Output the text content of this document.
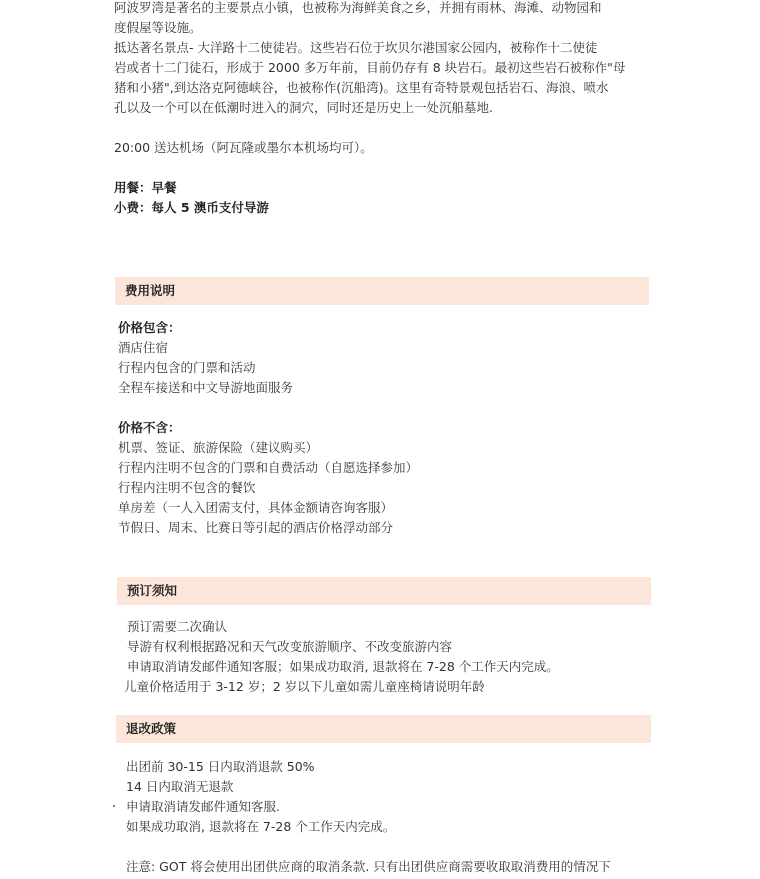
阿波罗湾是著名的主要景点小镇，也被称为海鲜美食之乡，并拥有雨林、海滩、动物园和
度假屋等设施。
抵达著名景点- 大洋路十二使徒岩。这些岩石位于坎贝尔港国家公园内，被称作十二使徒
岩或者十二门徒石，形成于 2000 多万年前，目前仍存有 8 块岩石。最初这些岩石被称作"母
猪和小猪",到达洛克阿德峡谷，也被称作(沉船湾)。这里有奇特景观包括岩石、海浪、喷水
孔以及一个可以在低潮时进入的洞穴，同时还是历史上一处沉船墓地.
20:00 送达机场（阿瓦隆或墨尔本机场均可）。
用餐：早餐
小费：每人 5 澳币支付导游
费用说明
价格包含：
酒店住宿
行程内包含的门票和活动
全程车接送和中文导游地面服务
价格不含：
机票、签证、旅游保险（建议购买）
行程内注明不包含的门票和自费活动（自愿选择参加）
行程内注明不包含的餐饮
单房差（一人入团需支付，具体金额请咨询客服）
节假日、周末、比赛日等引起的酒店价格浮动部分
预订须知
预订需要二次确认
导游有权利根据路况和天气改变旅游顺序、不改变旅游内容
申请取消请发邮件通知客服；如果成功取消, 退款将在 7-28 个工作天内完成。
儿童价格适用于 3-12 岁；2 岁以下儿童如需儿童座椅请说明年龄
退改政策
出团前 30-15 日内取消退款 50%
14 日内取消无退款
申请取消请发邮件通知客服.
如果成功取消, 退款将在 7-28 个工作天内完成。
注意: GOT 将会使用出团供应商的取消条款. 只有出团供应商需要收取取消费用的情况下
